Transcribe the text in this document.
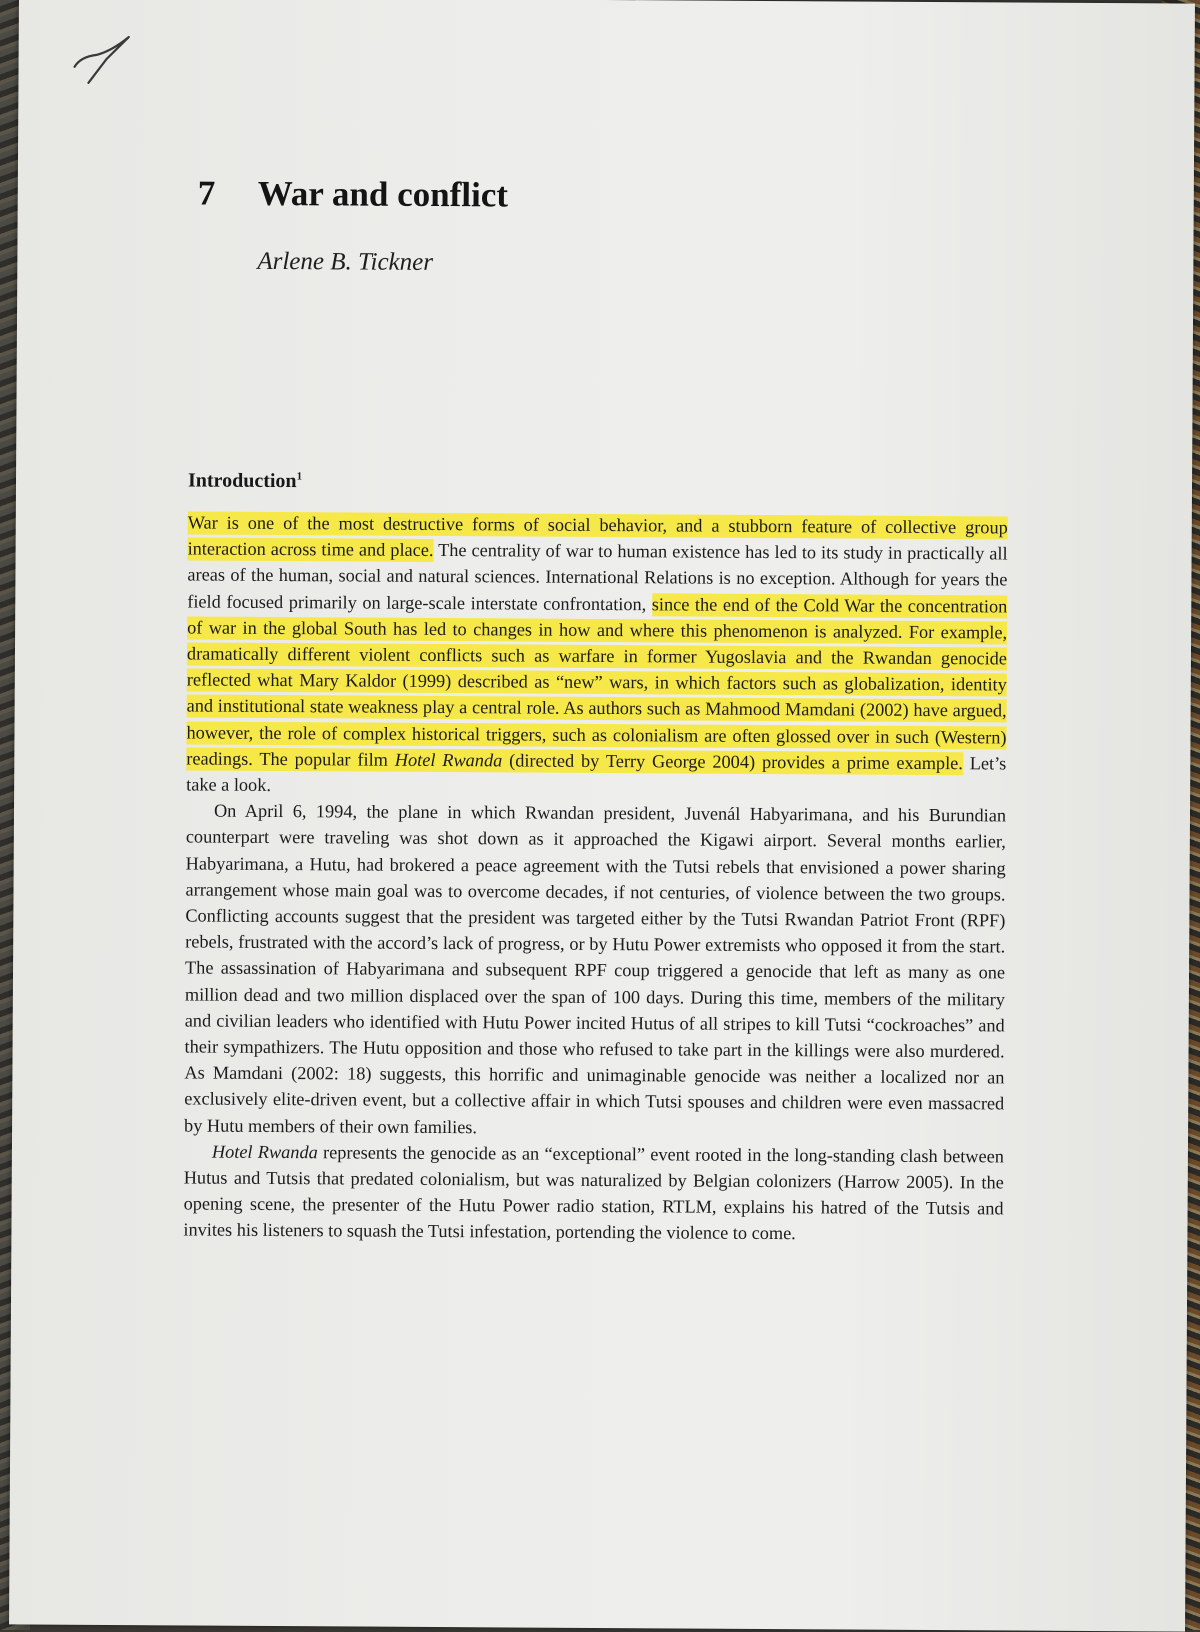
7 War and conflict
Arlene B. Tickner
Introduction$^1$

War is one of the most destructive forms of social behavior, and a stubborn feature of collective group interaction across time and place. The centrality of war to human existence has led to its study in practically all areas of the human, social and natural sciences. International Relations is no exception. Although for years the field focused primarily on large-scale interstate confrontation, since the end of the Cold War the concentration of war in the global South has led to changes in how and where this phenomenon is analyzed. For example, dramatically different violent conflicts such as warfare in former Yugoslavia and the Rwandan genocide reflected what Mary Kaldor (1999) described as “new” wars, in which factors such as globalization, identity and institutional state weakness play a central role. As authors such as Mahmood Mamdani (2002) have argued, however, the role of complex historical triggers, such as colonialism are often glossed over in such (Western) readings. The popular film Hotel Rwanda (directed by Terry George 2004) provides a prime example. Let’s take a look.

On April 6, 1994, the plane in which Rwandan president, Juvenál Habyarimana, and his Burundian counterpart were traveling was shot down as it approached the Kigawi airport. Several months earlier, Habyarimana, a Hutu, had brokered a peace agreement with the Tutsi rebels that envisioned a power sharing arrangement whose main goal was to overcome decades, if not centuries, of violence between the two groups. Conflicting accounts suggest that the president was targeted either by the Tutsi Rwandan Patriot Front (RPF) rebels, frustrated with the accord’s lack of progress, or by Hutu Power extremists who opposed it from the start. The assassination of Habyarimana and subsequent RPF coup triggered a genocide that left as many as one million dead and two million displaced over the span of 100 days. During this time, members of the military and civilian leaders who identified with Hutu Power incited Hutus of all stripes to kill Tutsi “cockroaches” and their sympathizers. The Hutu opposition and those who refused to take part in the killings were also murdered. As Mamdani (2002: 18) suggests, this horrific and unimaginable genocide was neither a localized nor an exclusively elite-driven event, but a collective affair in which Tutsi spouses and children were even massacred by Hutu members of their own families.

Hotel Rwanda represents the genocide as an “exceptional” event rooted in the long-standing clash between Hutus and Tutsis that predated colonialism, but was naturalized by Belgian colonizers (Harrow 2005). In the opening scene, the presenter of the Hutu Power radio station, RTLM, explains his hatred of the Tutsis and invites his listeners to squash the Tutsi infestation, portending the violence to come.
